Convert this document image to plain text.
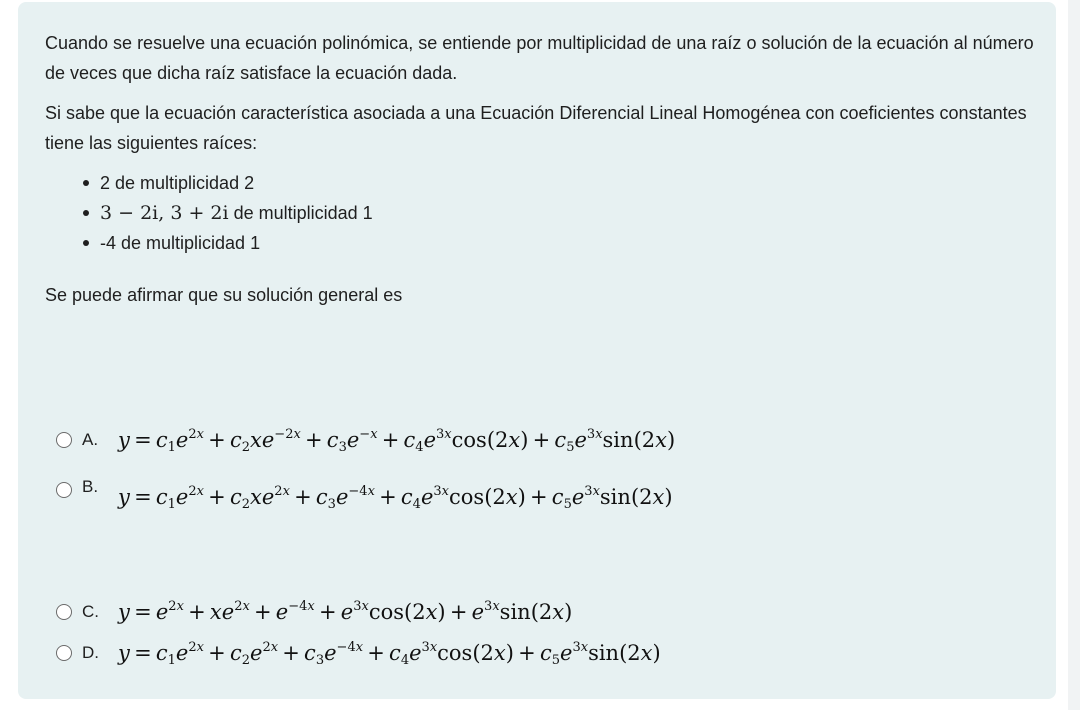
Cuando se resuelve una ecuación polinómica, se entiende por multiplicidad de una raíz o solución de la ecuación al número de veces que dicha raíz satisface la ecuación dada.

Si sabe que la ecuación característica asociada a una Ecuación Diferencial Lineal Homogénea con coeficientes constantes tiene las siguientes raíces:

2 de multiplicidad 2
3 − 2i, 3 + 2i de multiplicidad 1
-4 de multiplicidad 1

Se puede afirmar que su solución general es

A. $y = c_1e^{2x} + c_2xe^{-2x} + c_3e^{-x} + c_4e^{3x}\cos(2x) + c_5e^{3x}\sin(2x)$
B. $y = c_1e^{2x} + c_2xe^{2x} + c_3e^{-4x} + c_4e^{3x}\cos(2x) + c_5e^{3x}\sin(2x)$
C. $y = e^{2x} + xe^{2x} + e^{-4x} + e^{3x}\cos(2x) + e^{3x}\sin(2x)$
D. $y = c_1e^{2x} + c_2e^{2x} + c_3e^{-4x} + c_4e^{3x}\cos(2x) + c_5e^{3x}\sin(2x)$
